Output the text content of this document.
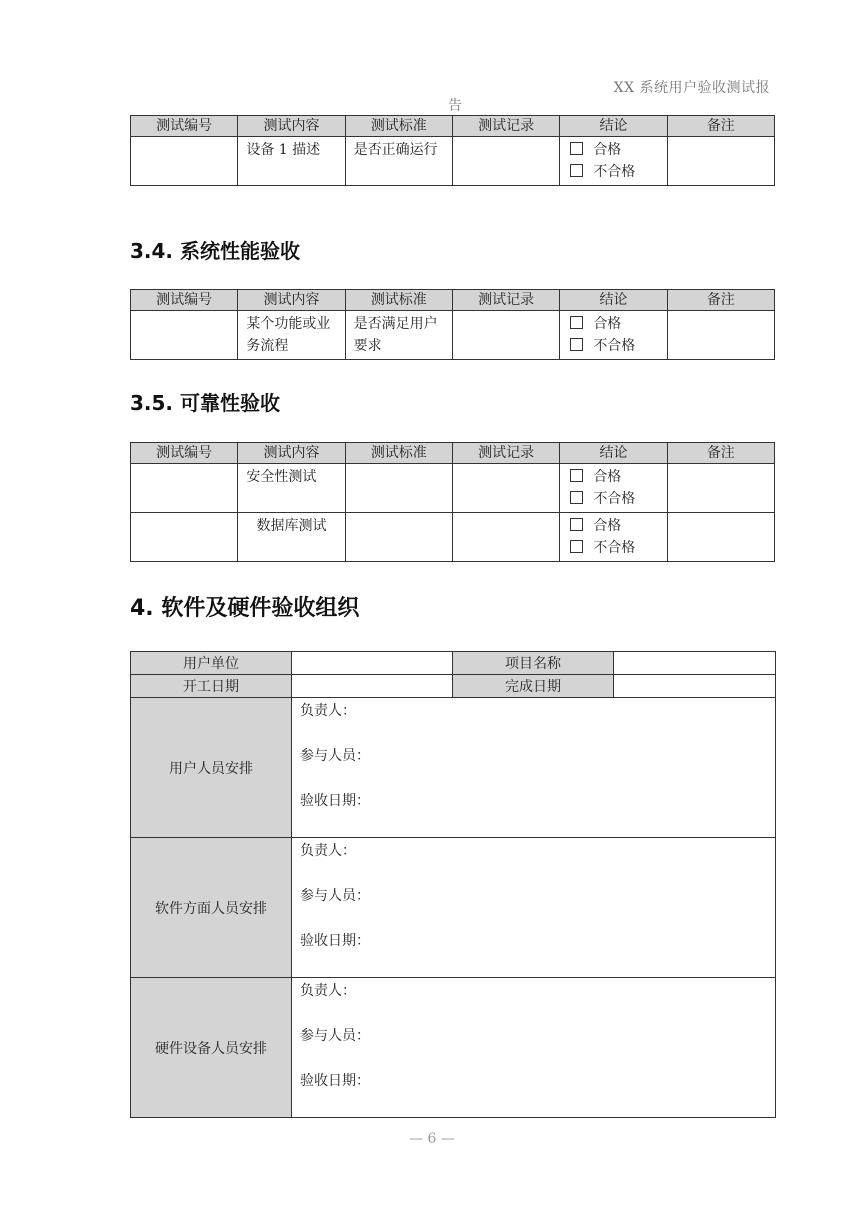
XX 系统用户验收测试报
告
测试编号	测试内容	测试标准	测试记录	结论	备注
	设备 1 描述	是否正确运行		合格
不合格	

3.4. 系统性能验收
测试编号	测试内容	测试标准	测试记录	结论	备注
	某个功能或业务流程	是否满足用户要求		合格
不合格	

3.5. 可靠性验收
测试编号	测试内容	测试标准	测试记录	结论	备注
	安全性测试			合格
不合格	

	数据库测试			合格
不合格	

4. 软件及硬件验收组织
用户单位		项目名称	
开工日期		完成日期	
用户人员安排	负责人：
参与人员：
验收日期：		

软件方面人员安排	负责人：
参与人员：
验收日期：		

硬件设备人员安排	负责人：
参与人员：
验收日期：		
— 6 —
